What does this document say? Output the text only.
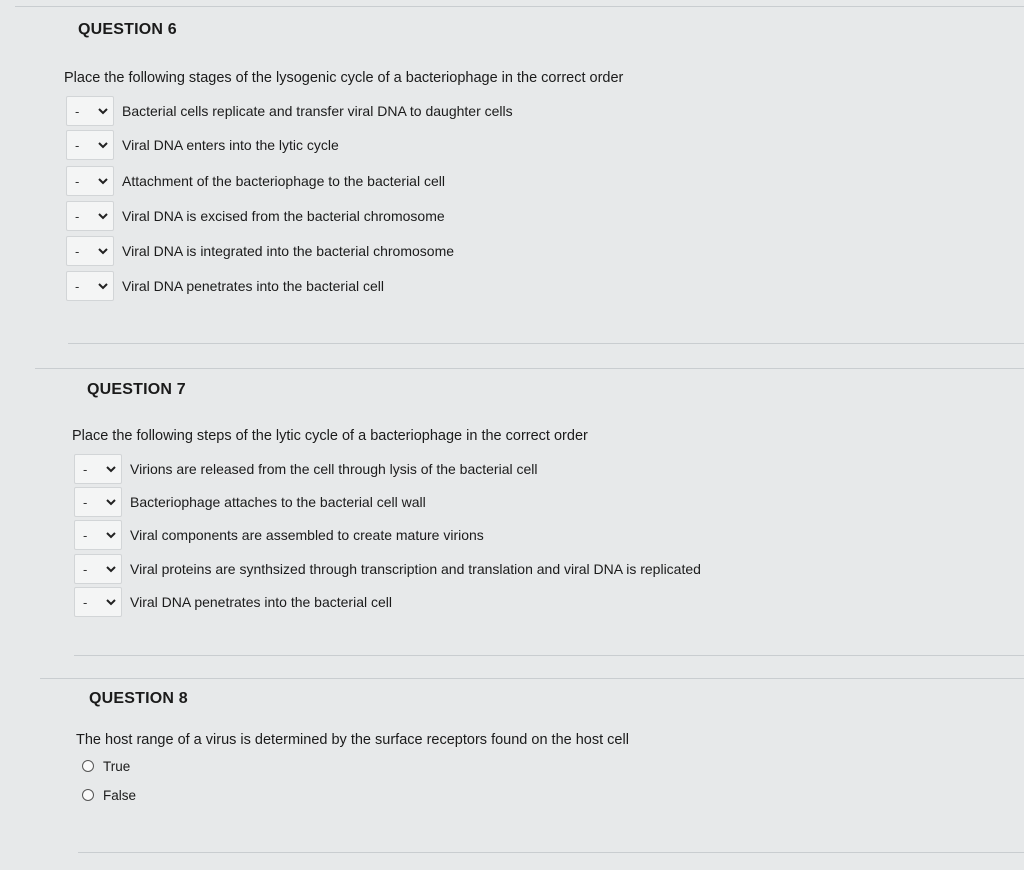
QUESTION 6
Place the following stages of the lysogenic cycle of a bacteriophage in the correct order
-	Bacterial cells replicate and transfer viral DNA to daughter cells
-	Viral DNA enters into the lytic cycle
-	Attachment of the bacteriophage to the bacterial cell
-	Viral DNA is excised from the bacterial chromosome
-	Viral DNA is integrated into the bacterial chromosome
-	Viral DNA penetrates into the bacterial cell
QUESTION 7
Place the following steps of the lytic cycle of a bacteriophage in the correct order
-	Virions are released from the cell through lysis of the bacterial cell
-	Bacteriophage attaches to the bacterial cell wall
-	Viral components are assembled to create mature virions
-	Viral proteins are synthsized through transcription and translation and viral DNA is replicated
-	Viral DNA penetrates into the bacterial cell
QUESTION 8
The host range of a virus is determined by the surface receptors found on the host cell
True
False
